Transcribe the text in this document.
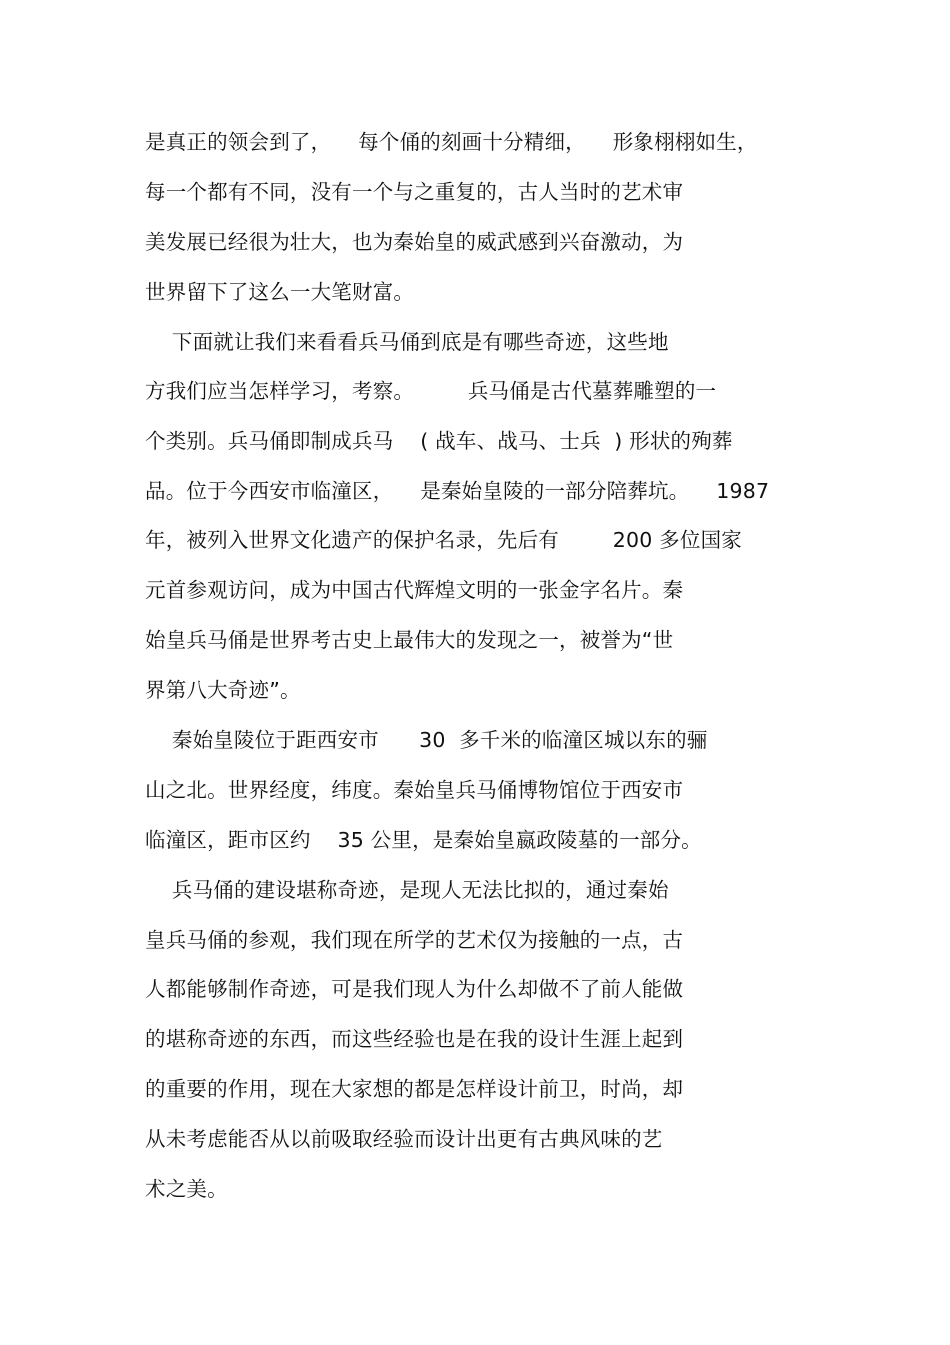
是真正的领会到了，    每个俑的刻画十分精细，    形象栩栩如生，
每一个都有不同，没有一个与之重复的，古人当时的艺术审
美发展已经很为壮大，也为秦始皇的威武感到兴奋激动，为
世界留下了这么一大笔财富。
下面就让我们来看看兵马俑到底是有哪些奇迹，这些地
方我们应当怎样学习，考察。        兵马俑是古代墓葬雕塑的一
个类别。兵马俑即制成兵马    ( 战车、战马、士兵  ) 形状的殉葬
品。位于今西安市临潼区，    是秦始皇陵的一部分陪葬坑。    1987
年，被列入世界文化遗产的保护名录，先后有        200 多位国家
元首参观访问，成为中国古代辉煌文明的一张金字名片。秦
始皇兵马俑是世界考古史上最伟大的发现之一，被誉为“世
界第八大奇迹”。
秦始皇陵位于距西安市      30  多千米的临潼区城以东的骊
山之北。世界经度，纬度。秦始皇兵马俑博物馆位于西安市
临潼区，距市区约    35 公里，是秦始皇嬴政陵墓的一部分。
兵马俑的建设堪称奇迹，是现人无法比拟的，通过秦始
皇兵马俑的参观，我们现在所学的艺术仅为接触的一点，古
人都能够制作奇迹，可是我们现人为什么却做不了前人能做
的堪称奇迹的东西，而这些经验也是在我的设计生涯上起到
的重要的作用，现在大家想的都是怎样设计前卫，时尚，却
从未考虑能否从以前吸取经验而设计出更有古典风味的艺
术之美。
